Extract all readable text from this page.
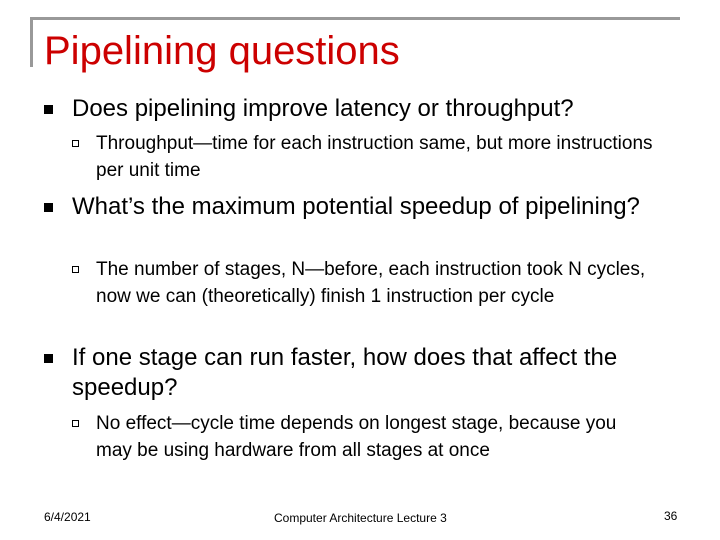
Pipelining questions
Does pipelining improve latency or throughput?
Throughput—time for each instruction same, but more instructions per unit time
What’s the maximum potential speedup of pipelining?
The number of stages, N—before, each instruction took N cycles, now we can (theoretically) finish 1 instruction per cycle
If one stage can run faster, how does that affect the speedup?
No effect—cycle time depends on longest stage, because you may be using hardware from all stages at once
6/4/2021	Computer Architecture Lecture 3	36
